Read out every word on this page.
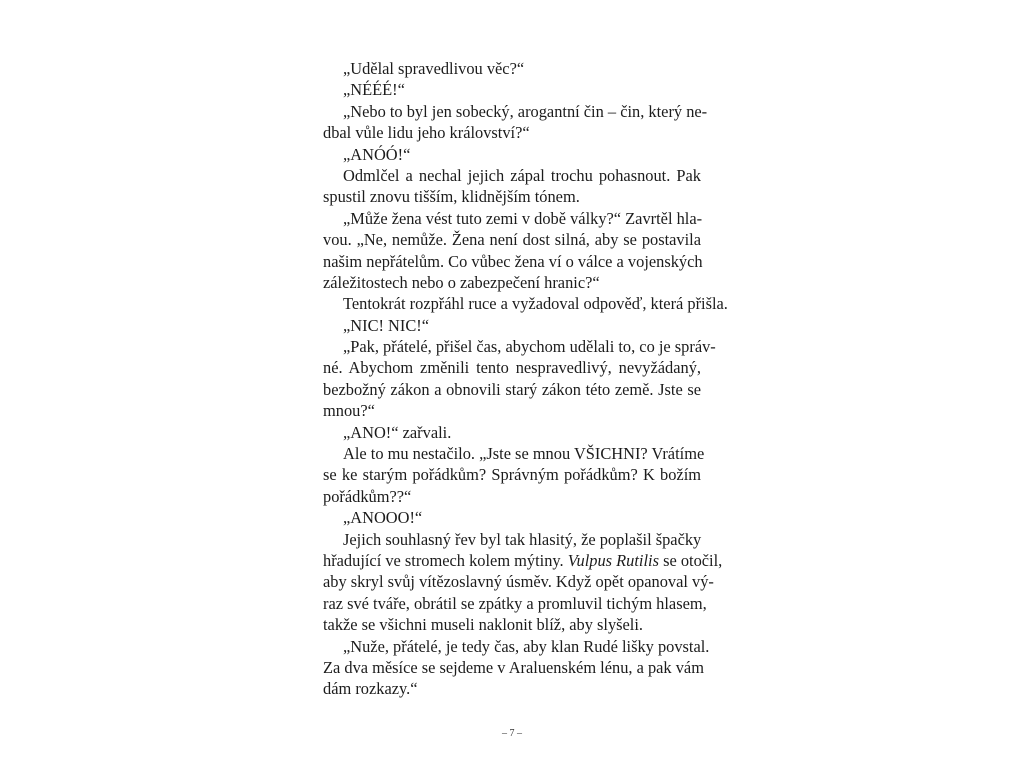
„Udělal spravedlivou věc?“
„NÉÉÉ!“
„Nebo to byl jen sobecký, arogantní čin – čin, který ne-
dbal vůle lidu jeho království?“
„ANÓÓ!“
Odmlčel a nechal jejich zápal trochu pohasnout. Pak
spustil znovu tišším, klidnějším tónem.
„Může žena vést tuto zemi v době války?“ Zavrtěl hla-
vou. „Ne, nemůže. Žena není dost silná, aby se postavila
našim nepřátelům. Co vůbec žena ví o válce a vojenských
záležitostech nebo o zabezpečení hranic?“
Tentokrát rozpřáhl ruce a vyžadoval odpověď, která přišla.
„NIC! NIC!“
„Pak, přátelé, přišel čas, abychom udělali to, co je správ-
né. Abychom změnili tento nespravedlivý, nevyžádaný,
bezbožný zákon a obnovili starý zákon této země. Jste se
mnou?“
„ANO!“ zařvali.
Ale to mu nestačilo. „Jste se mnou VŠICHNI? Vrátíme
se ke starým pořádkům? Správným pořádkům? K božím
pořádkům??“
„ANOOO!“
Jejich souhlasný řev byl tak hlasitý, že poplašil špačky
hřadující ve stromech kolem mýtiny. Vulpus Rutilis se otočil,
aby skryl svůj vítězoslavný úsměv. Když opět opanoval vý-
raz své tváře, obrátil se zpátky a promluvil tichým hlasem,
takže se všichni museli naklonit blíž, aby slyšeli.
„Nuže, přátelé, je tedy čas, aby klan Rudé lišky povstal.
Za dva měsíce se sejdeme v Araluenském lénu, a pak vám
dám rozkazy.“
– 7 –
